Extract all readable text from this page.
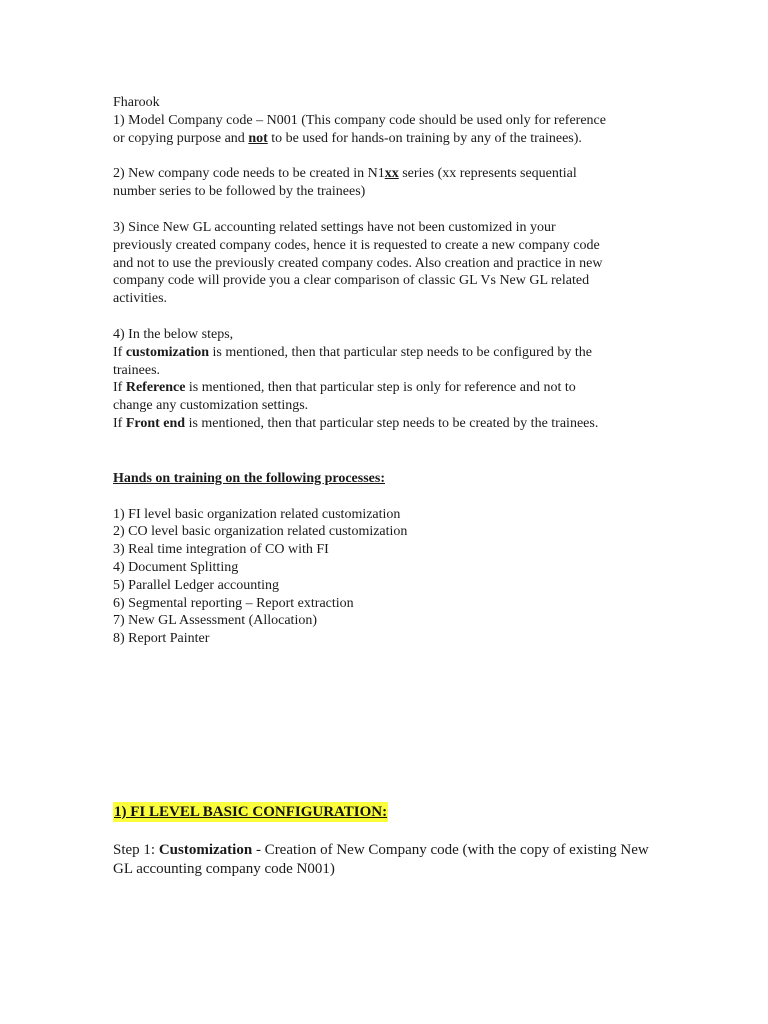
Fharook
1) Model Company code – N001 (This company code should be used only for reference
or copying purpose and not to be used for hands-on training by any of the trainees).
2) New company code needs to be created in N1xx series (xx represents sequential
number series to be followed by the trainees)
3) Since New GL accounting related settings have not been customized in your
previously created company codes, hence it is requested to create a new company code
and not to use the previously created company codes. Also creation and practice in new
company code will provide you a clear comparison of classic GL Vs New GL related
activities.
4) In the below steps,
If customization is mentioned, then that particular step needs to be configured by the
trainees.
If Reference is mentioned, then that particular step is only for reference and not to
change any customization settings.
If Front end is mentioned, then that particular step needs to be created by the trainees.
Hands on training on the following processes:
1) FI level basic organization related customization
2) CO level basic organization related customization
3) Real time integration of CO with FI
4) Document Splitting
5) Parallel Ledger accounting
6) Segmental reporting – Report extraction
7) New GL Assessment (Allocation)
8) Report Painter
1) FI LEVEL BASIC CONFIGURATION:
Step 1: Customization - Creation of New Company code (with the copy of existing New
GL accounting company code N001)
